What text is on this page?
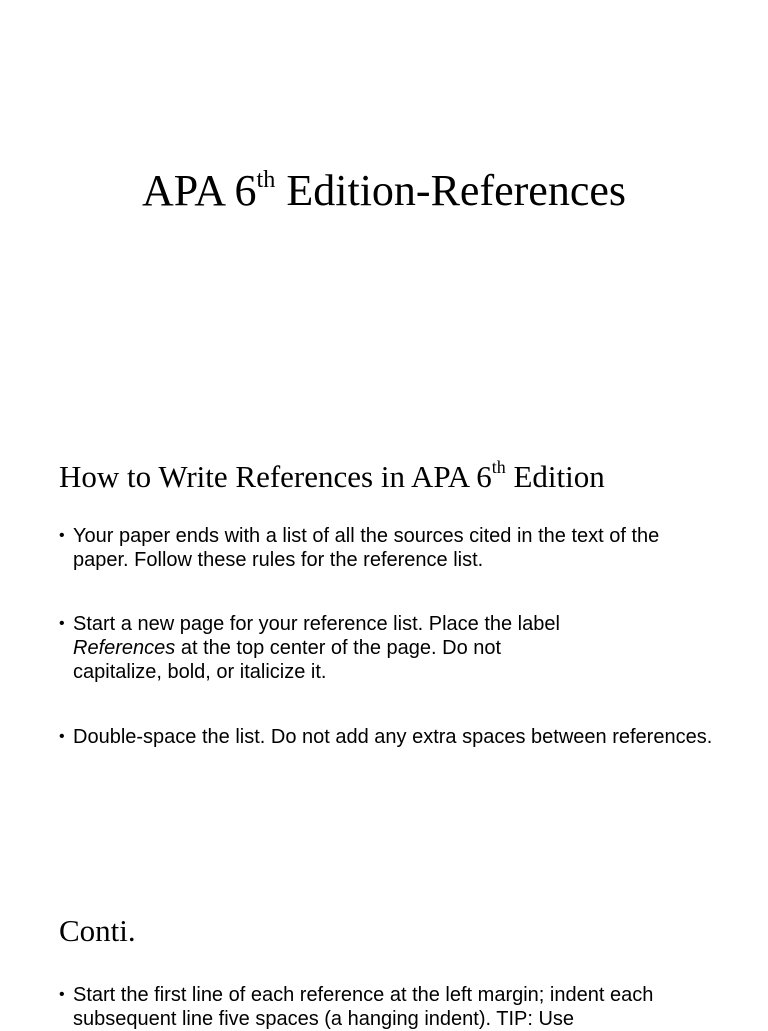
APA 6th Edition-References
How to Write References in APA 6th Edition
• Your paper ends with a list of all the sources cited in the text of the paper. Follow these rules for the reference list.
• Start a new page for your reference list. Place the label References at the top center of the page. Do not capitalize, bold, or italicize it.
• Double-space the list. Do not add any extra spaces between references.
Conti.
• Start the first line of each reference at the left margin; indent each subsequent line five spaces (a hanging indent). TIP: Use
